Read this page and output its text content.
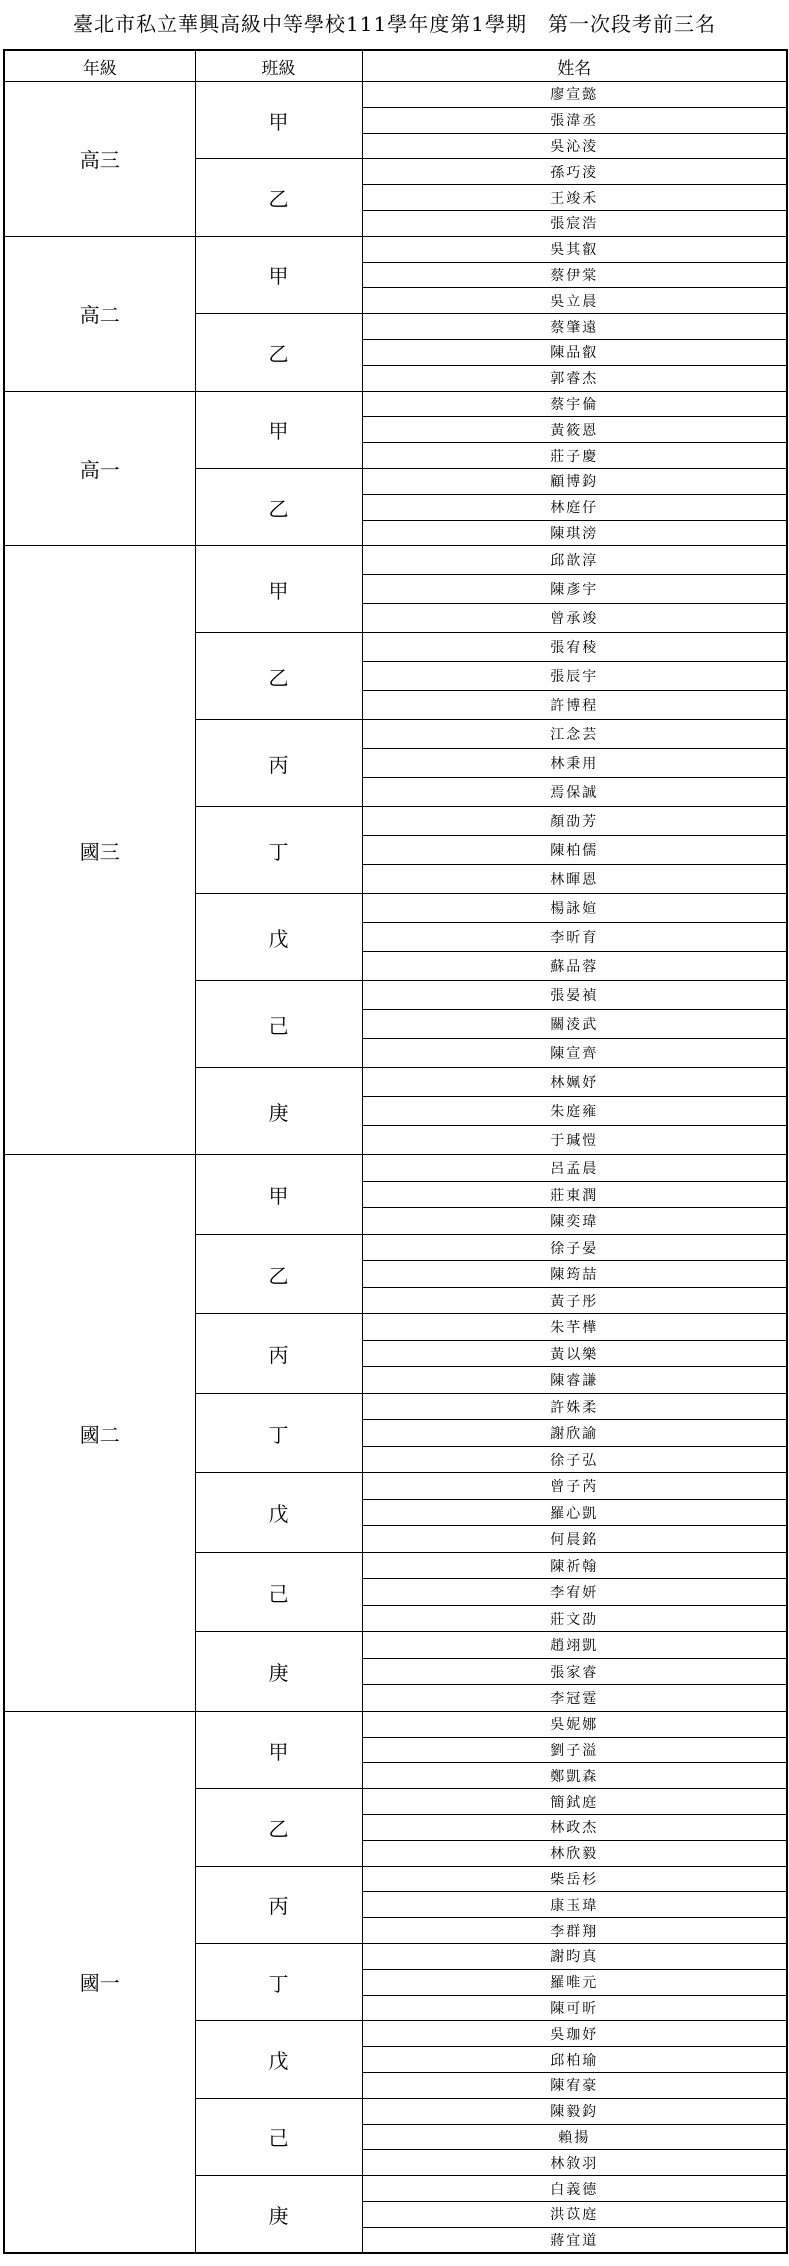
臺北市私立華興高級中等學校111學年度第1學期　第一次段考前三名
年級	班級	姓名
高三	甲	廖宣懿
		張湋丞
		吳沁淩
	乙	孫巧淩
		王竣禾
		張宸浩
高二	甲	吳其叡
		蔡伊棠
		吳立晨
	乙	蔡肇遠
		陳品叡
		郭睿杰
高一	甲	蔡宇倫
		黃筱恩
		莊子慶
	乙	顧博鈞
		林庭仔
		陳琪滂
國三	甲	邱歆淳
		陳彥宇
		曾承竣
	乙	張宥稜
		張辰宇
		許博程
	丙	江念芸
		林秉用
		焉保誠
	丁	顏劭芳
		陳柏儒
		林暉恩
	戊	楊詠媗
		李昕育
		蘇品蓉
	己	張晏禎
		關淩武
		陳宣齊
	庚	林姵妤
		朱庭雍
		于瑊愷
國二	甲	呂孟晨
		莊東潤
		陳奕瑋
	乙	徐子晏
		陳筠喆
		黃子彤
	丙	朱芊樺
		黃以樂
		陳睿謙
	丁	許姝柔
		謝欣諭
		徐子弘
	戊	曾子芮
		羅心凱
		何晨銘
	己	陳祈翰
		李宥妍
		莊文劭
	庚	趙翊凱
		張家睿
		李冠霆
國一	甲	吳妮娜
		劉子溢
		鄭凱森
	乙	簡鉽庭
		林政杰
		林欣毅
	丙	柴岳杉
		康玉瑋
		李群翔
	丁	謝昀真
		羅唯元
		陳可昕
	戊	吳珈妤
		邱柏瑜
		陳宥豪
	己	陳毅鈞
		賴揚
		林敘羽
	庚	白義德
		洪苡庭
		蔣宜道
